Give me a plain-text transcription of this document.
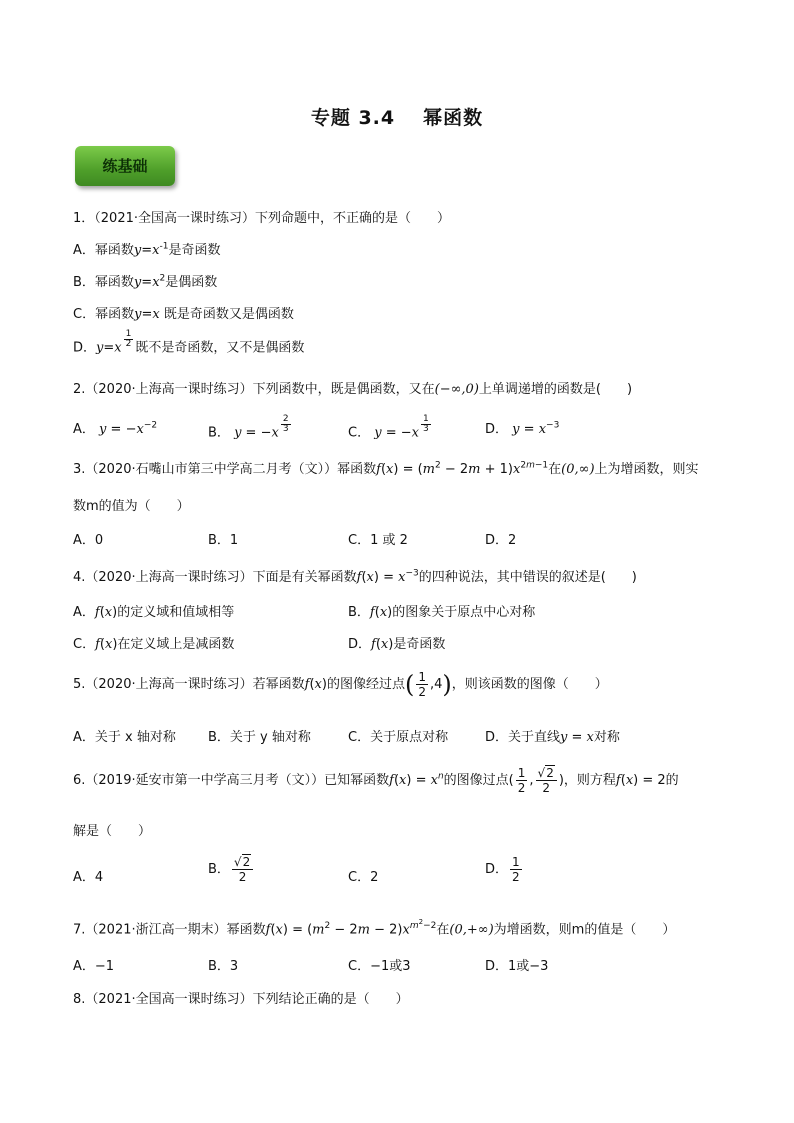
专题 3.4 幂函数
练基础
1．（2021·全国高一课时练习）下列命题中，不正确的是（　　）
A．幂函数$y=x^{-1}$是奇函数
B．幂函数$y=x^2$是偶函数
C．幂函数y=x 既是奇函数又是偶函数
D．$y=x \frac{1}{2}$ 既不是奇函数，又不是偶函数
2.（2020·上海高一课时练习）下列函数中，既是偶函数，又在(−∞,0)上单调递增的函数是(　　)
A． $y = -x^{-2}$	B． $y = -x \frac{2}{3}$	C． $y = -x \frac{1}{3}$	D． $y = x^{-3}$
3.（2020·石嘴山市第三中学高二月考（文））幂函数$f(x) = (m^2 - 2m + 1)x^{2m-1}$在(0,∞)上为增函数，则实
数m的值为（　　）
A．0	B．1	C．1 或 2	D．2
4.（2020·上海高一课时练习）下面是有关幂函数$f(x) = x^{-3}$的四种说法，其中错误的叙述是(　　)
A．f(x)的定义域和值域相等	B．f(x)的图象关于原点中心对称
C．f(x)在定义域上是减函数	D．f(x)是奇函数
5.（2020·上海高一课时练习）若幂函数f(x)的图像经过点( $\frac{1}{2} ,4$)，则该函数的图像（　　）
A．关于 x 轴对称 B．关于 y 轴对称	C．关于原点对称	D．关于直线y = x对称
6.（2019·延安市第一中学高三月考（文））已知幂函数$f(x) = x^n$的图像过点( $\frac{1}{2}$ , $\frac{√2}{2}$ )，则方程f(x) = 2的
解是（　　）
A．4
B． $\frac{√2}{2}$	C．2
D． $\frac{1}{2}$
7.（2021·浙江高一期末）幂函数$f(x) = (m^2 - 2m - 2)x^{m^2-2}$在(0,+∞)为增函数，则m的值是（　　）
A．−1	B．3	C．−1或3	D．1或−3
8.（2021·全国高一课时练习）下列结论正确的是（　　）
